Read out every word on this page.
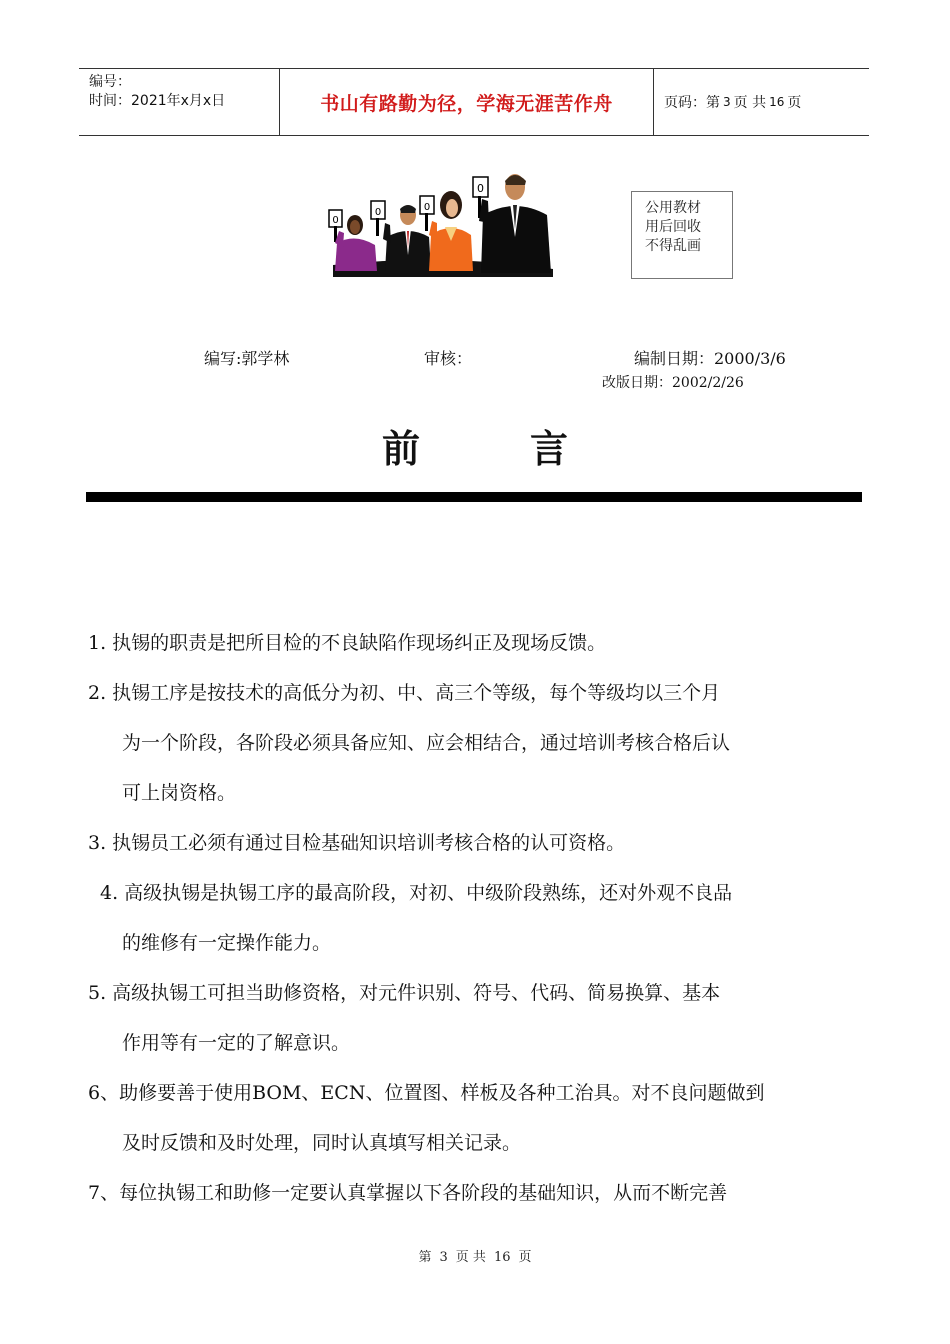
编号：
时间：2021年x月x日	书山有路勤为径，学海无涯苦作舟	页码：第 3 页 共 16 页
0
0	0
0
公用教材
用后回收
不得乱画
编写:郭学林	审核：	编制日期：2000/3/6
改版日期：2002/2/26
前	言
1. 执锡的职责是把所目检的不良缺陷作现场纠正及现场反馈。
2. 执锡工序是按技术的高低分为初、中、高三个等级，每个等级均以三个月
为一个阶段，各阶段必须具备应知、应会相结合，通过培训考核合格后认
可上岗资格。
3. 执锡员工必须有通过目检基础知识培训考核合格的认可资格。
4. 高级执锡是执锡工序的最高阶段，对初、中级阶段熟练，还对外观不良品
的维修有一定操作能力。
5. 高级执锡工可担当助修资格，对元件识别、符号、代码、简易换算、基本
作用等有一定的了解意识。
6、助修要善于使用BOM、ECN、位置图、样板及各种工治具。对不良问题做到
及时反馈和及时处理，同时认真填写相关记录。
7、每位执锡工和助修一定要认真掌握以下各阶段的基础知识，从而不断完善
第 3 页 共 16 页
